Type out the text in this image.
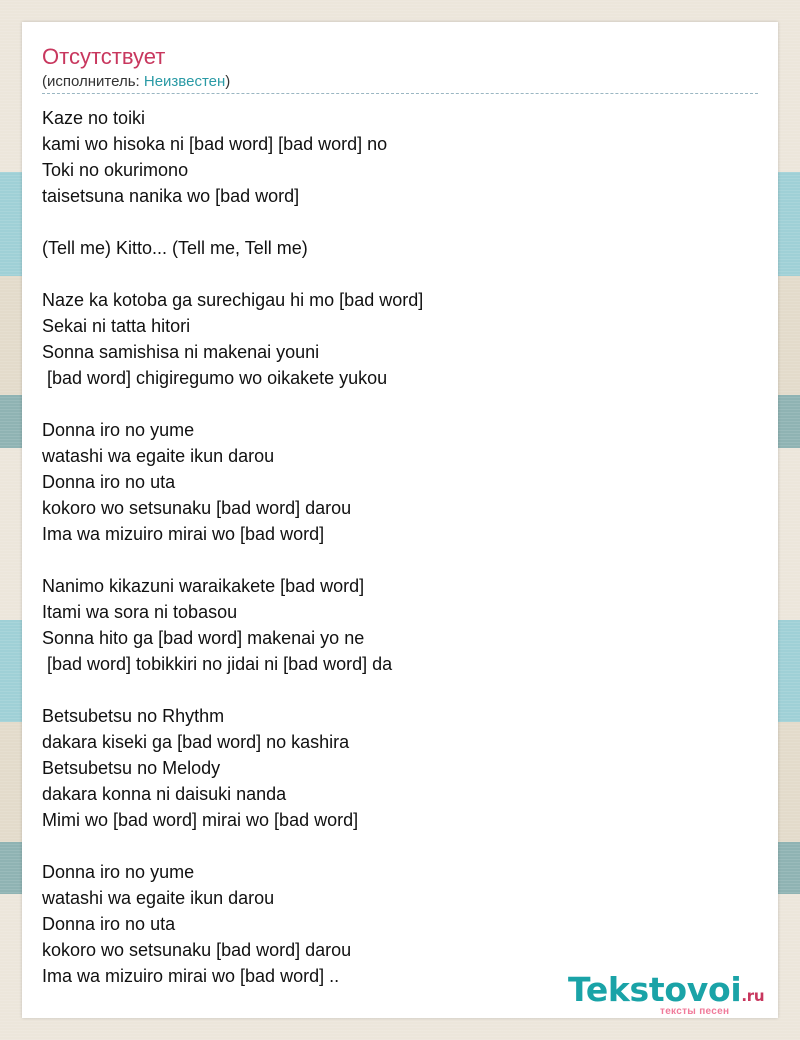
Отсутствует
(исполнитель: Неизвестен)
Kaze no toiki
kami wo hisoka ni [bad word] [bad word] no
Toki no okurimono
taisetsuna nanika wo [bad word]
(Tell me) Kitto... (Tell me, Tell me)
Naze ka kotoba ga surechigau hi mo [bad word]
Sekai ni tatta hitori
Sonna samishisa ni makenai youni
[bad word] chigiregumo wo oikakete yukou
Donna iro no yume
watashi wa egaite ikun darou
Donna iro no uta
kokoro wo setsunaku [bad word] darou
Ima wa mizuiro mirai wo [bad word]
Nanimo kikazuni waraikakete [bad word]
Itami wa sora ni tobasou
Sonna hito ga [bad word] makenai yo ne
[bad word] tobikkiri no jidai ni [bad word] da
Betsubetsu no Rhythm
dakara kiseki ga [bad word] no kashira
Betsubetsu no Melody
dakara konna ni daisuki nanda
Mimi wo [bad word] mirai wo [bad word]
Donna iro no yume
watashi wa egaite ikun darou
Donna iro no uta
kokoro wo setsunaku [bad word] darou
Ima wa mizuiro mirai wo [bad word] ..	Tekstovoi.ru
тексты песен
